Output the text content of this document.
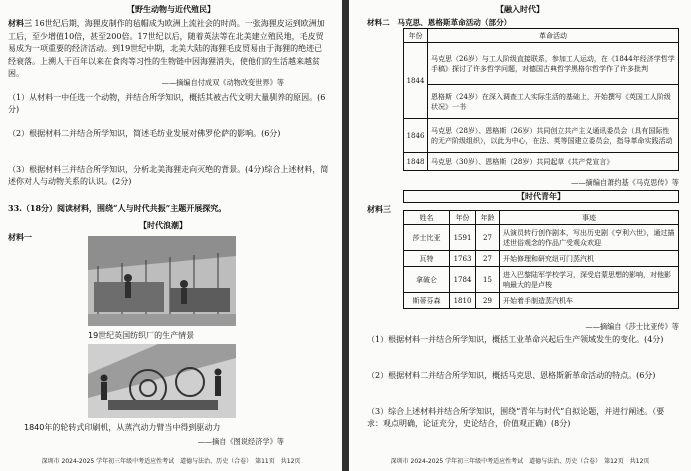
【野生动物与近代殖民】
材料三 16世纪后期，海狸皮制作的毡帽成为欧洲上流社会的时尚。一张海狸皮运到欧洲加工后，至少增值10倍，甚至200倍。17世纪以后，随着英法等在北美建立殖民地，毛皮贸易成为一项重要的经济活动。到19世纪中期，北美大陆的海狸毛皮贸易由于海狸的绝迹已经衰落。上溯人干百年以来在食肉等习性的生物链中因海狸消失，使他们的生活越来越贫困。
——摘编自付成双《动物改变世界》等
（1）从材料一中任选一个动物，并结合所学知识，概括其被古代文明大量驯养的原因。(6分)
（2）根据材料二并结合所学知识，简述毛纺业发展对佛罗伦萨的影响。(6分)
（3）根据材料三并结合所学知识，分析北美海狸走向灭绝的背景。(4分)综合上述材料，简述你对人与动物关系的认识。(2分)
33.（18分）阅读材料，围绕“人与时代共振”主题开展探究。
材料一
【时代浪潮】
19世纪英国纺织厂的生产情景
1840年的轮转式印刷机，从蒸汽动力臂当中得到驱动力
——摘自《图说经济学》等
深圳市 2024-2025 学年初三年级中考适应性考试　道德与法治、历史（合卷）　第11页　共12页
【融入时代】
材料二　马克思、恩格斯革命活动（部分）
年份	革命活动
1844	马克思（26岁）与工人阶级直接联系，参加工人运动，在《1844年经济学哲学手稿》探讨了许多哲学问题，对德国古典哲学黑格尔哲学作了许多批判
	恩格斯（24岁）在深入调查工人实际生活的基础上，开始撰写《英国工人阶级状况》一书
1846	马克思（28岁）、恩格斯（26岁）共同创立共产主义通讯委员会（具有国际性的无产阶级组织），以此为中心，在法、英等国建立委员会，指导革命实践活动
1848	马克思（30岁）、恩格斯（28岁）共同起草《共产党宣言》
——摘编自萧约基《马克思传》等
材料三
【时代青年】
姓名	年份	年龄	事迹
莎士比亚	1591	27	从演员转行创作剧本，写出历史剧《亨利六世》，通过描述世俗观念的作品广受观众欢迎
瓦特	1763	27	开始修理和研究纽可门蒸汽机
拿破仑	1784	15	进入巴黎陆军学校学习，深受启蒙思想的影响，对他影响最大的是卢梭
斯蒂芬森	1810	29	开始着手制造蒸汽机车
——摘编自《莎士比亚传》等
（1）根据材料一并结合所学知识，概括工业革命兴起后生产领域发生的变化。(4分)
（2）根据材料二并结合所学知识，概括马克思、恩格斯新革命活动的特点。(6分)
（3）综合上述材料并结合所学知识，围绕“青年与时代”自拟论题，并进行阐述。（要求：观点明确，论证充分，史论结合，价值观正确）(8分)
深圳市 2024-2025 学年初三年级中考适应性考试　道德与法治、历史（合卷）　第12页　共12页
